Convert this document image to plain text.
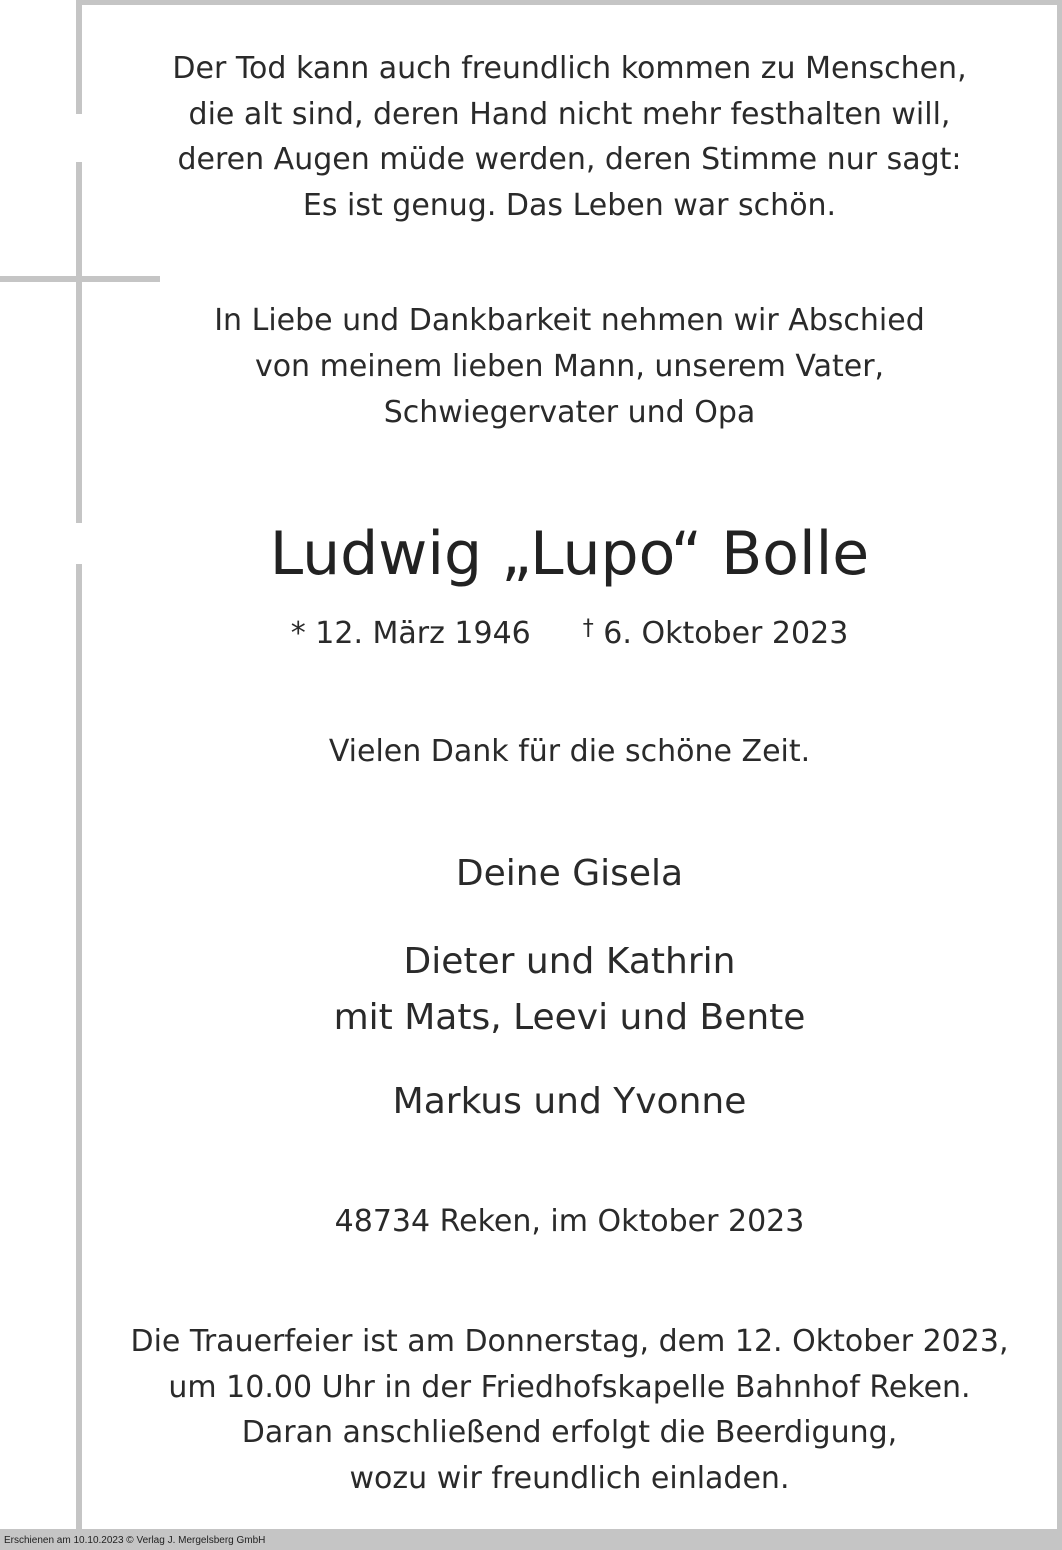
Der Tod kann auch freundlich kommen zu Menschen,
die alt sind, deren Hand nicht mehr festhalten will,
deren Augen müde werden, deren Stimme nur sagt:
Es ist genug. Das Leben war schön.
In Liebe und Dankbarkeit nehmen wir Abschied
von meinem lieben Mann, unserem Vater,
Schwiegervater und Opa
Ludwig „Lupo“ Bolle
* 12. März 1946 † 6. Oktober 2023
Vielen Dank für die schöne Zeit.
Deine Gisela
Dieter und Kathrin
mit Mats, Leevi und Bente
Markus und Yvonne
48734 Reken, im Oktober 2023
Die Trauerfeier ist am Donnerstag, dem 12. Oktober 2023,
um 10.00 Uhr in der Friedhofskapelle Bahnhof Reken.
Daran anschließend erfolgt die Beerdigung,
wozu wir freundlich einladen.
Erschienen am 10.10.2023 © Verlag J. Mergelsberg GmbH
